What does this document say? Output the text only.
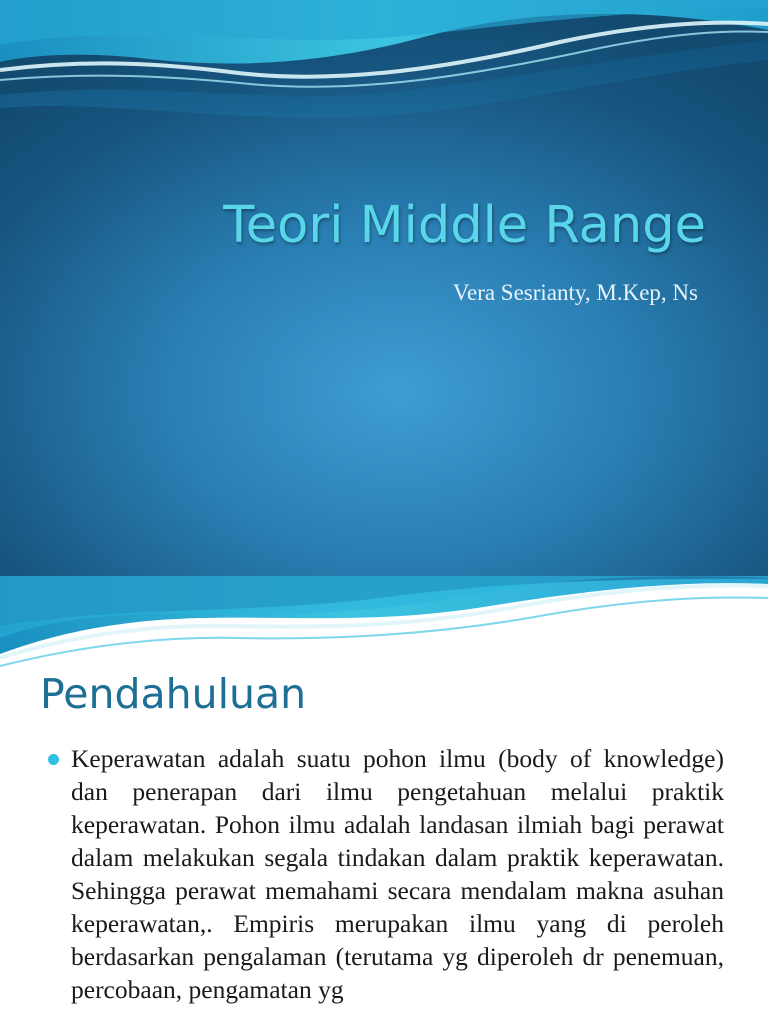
Teori Middle Range
Vera Sesrianty, M.Kep, Ns
Pendahuluan
Keperawatan adalah suatu pohon ilmu (body of knowledge) dan penerapan dari ilmu pengetahuan melalui praktik keperawatan. Pohon ilmu adalah landasan ilmiah bagi perawat dalam melakukan segala tindakan dalam praktik keperawatan. Sehingga perawat memahami secara mendalam makna asuhan keperawatan,. Empiris merupakan ilmu yang di peroleh berdasarkan pengalaman (terutama yg diperoleh dr penemuan, percobaan, pengamatan yg
